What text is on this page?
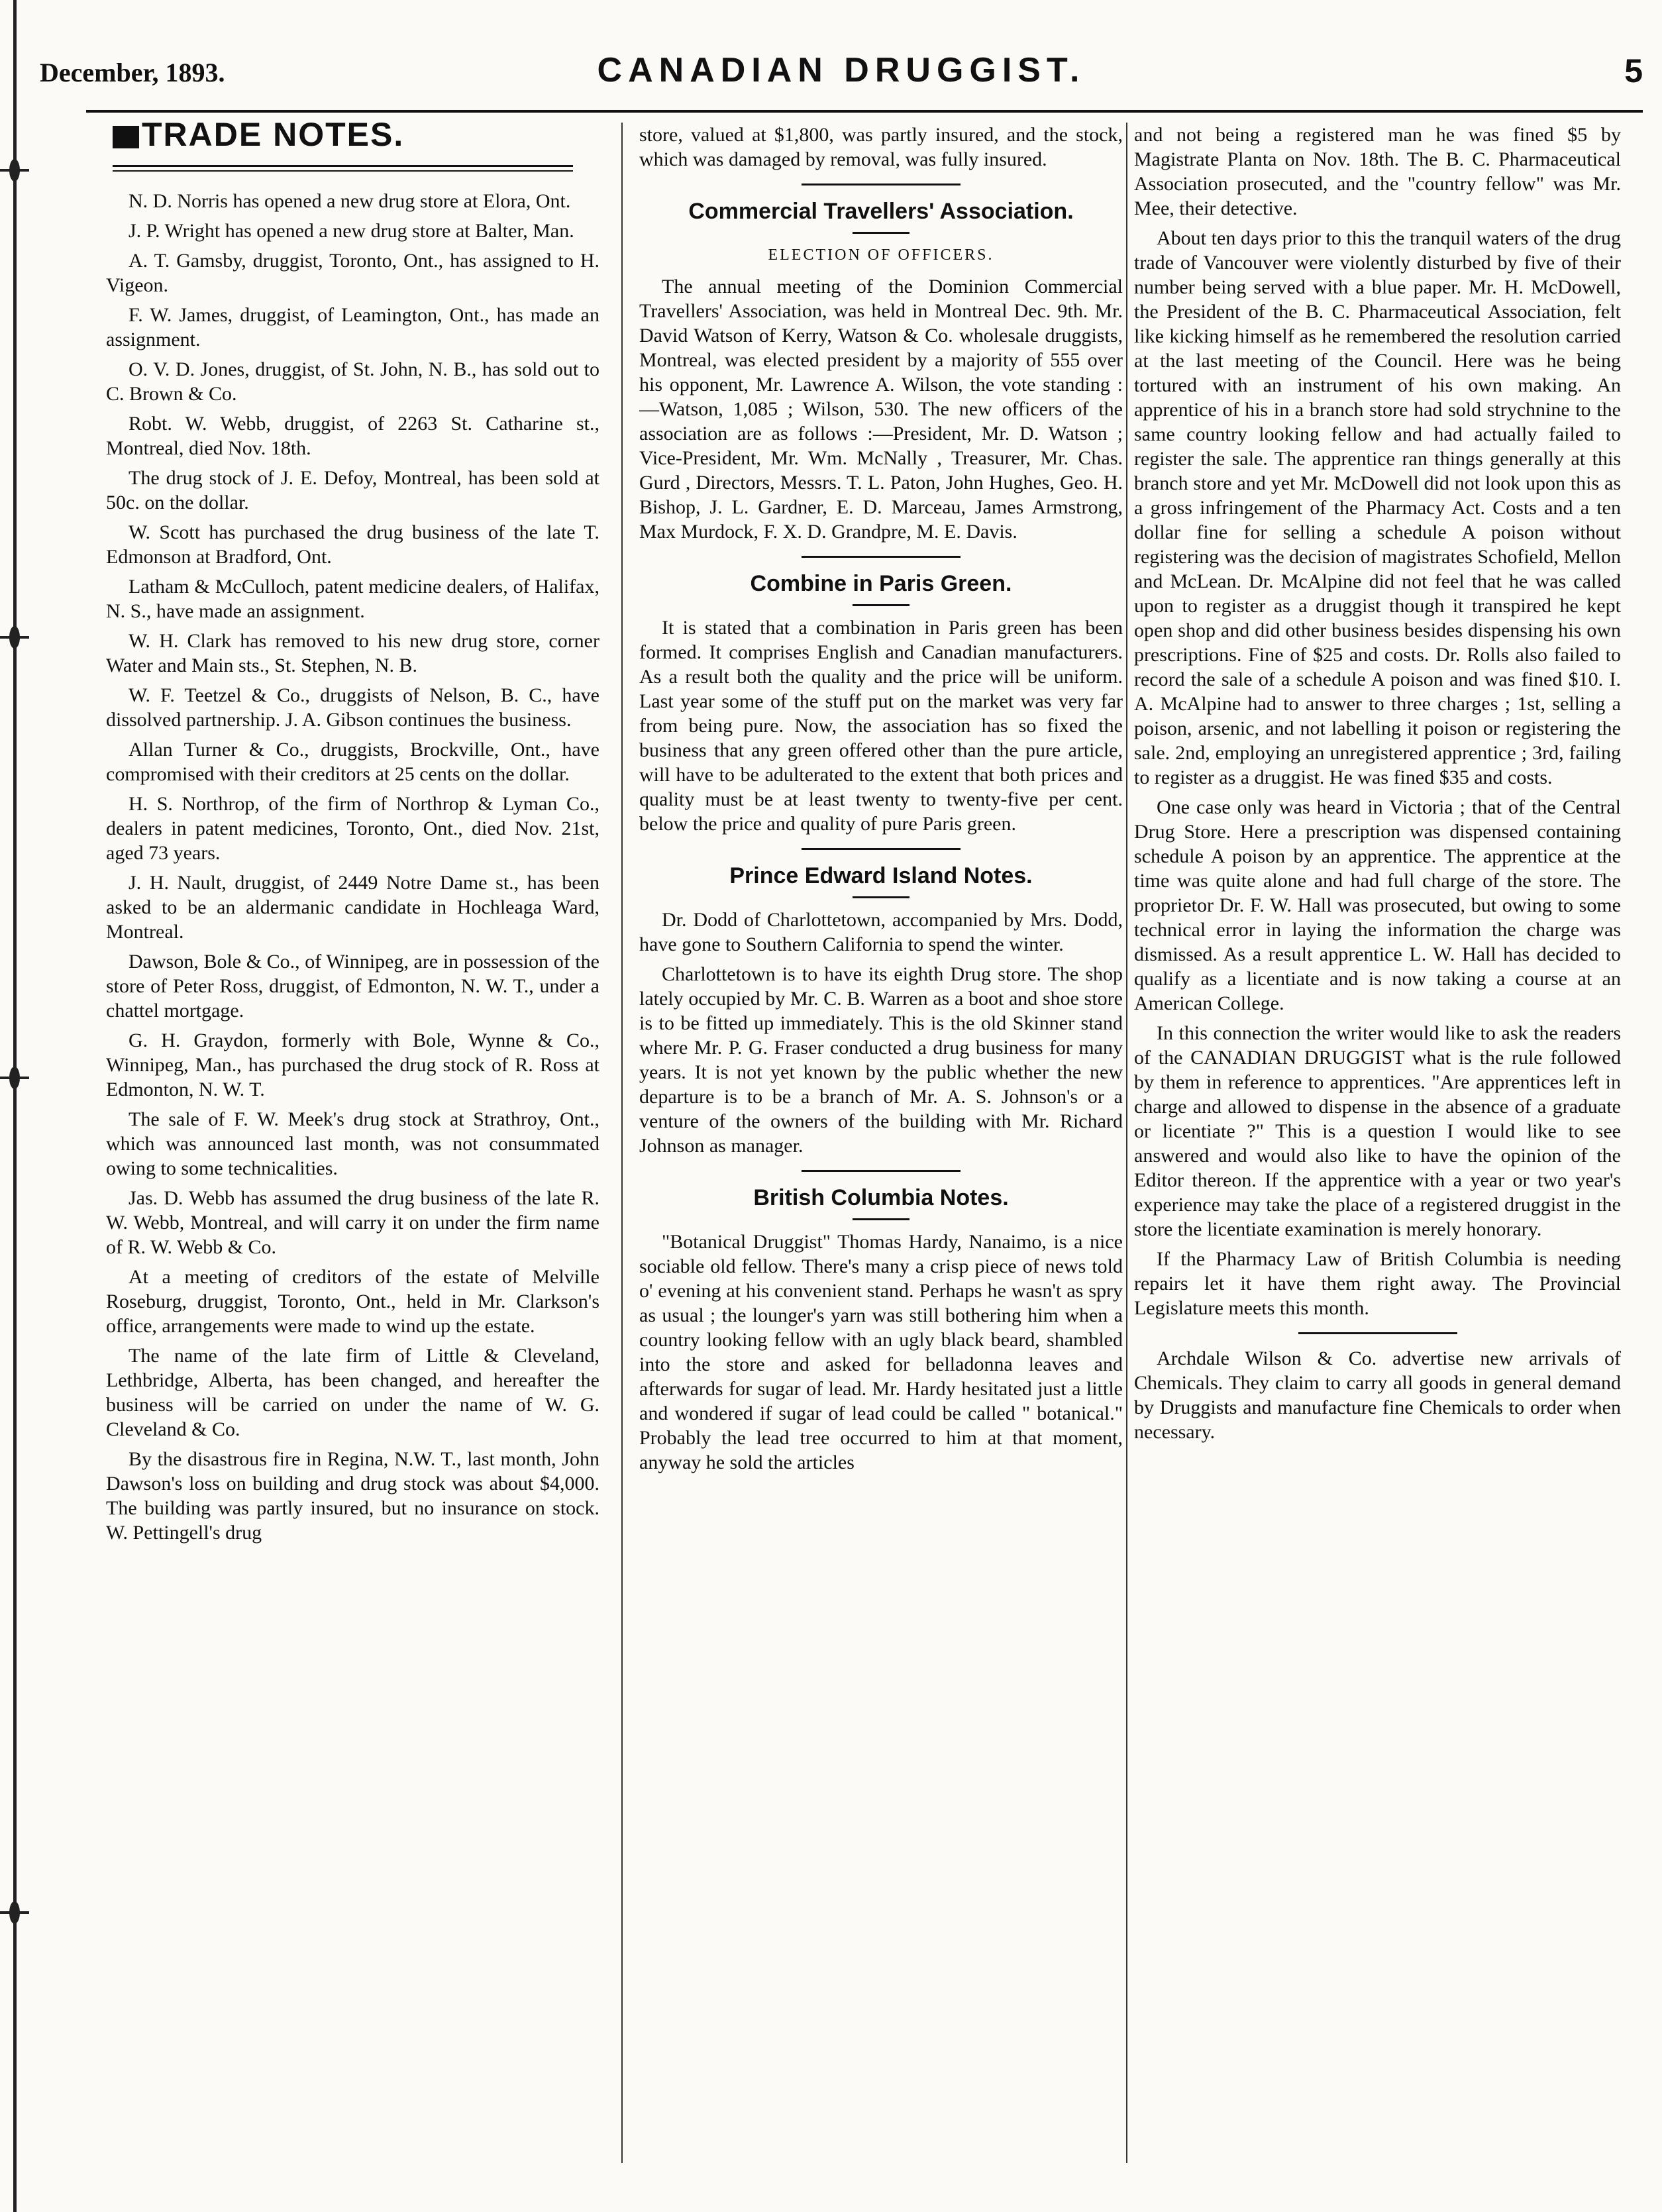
December, 1893.	CANADIAN DRUGGIST.	5
TRADE NOTES.

N. D. Norris has opened a new drug store at Elora, Ont.

J. P. Wright has opened a new drug store at Balter, Man.

A. T. Gamsby, druggist, Toronto, Ont., has assigned to H. Vigeon.

F. W. James, druggist, of Leamington, Ont., has made an assignment.

O. V. D. Jones, druggist, of St. John, N. B., has sold out to C. Brown & Co.

Robt. W. Webb, druggist, of 2263 St. Catharine st., Montreal, died Nov. 18th.

The drug stock of J. E. Defoy, Montreal, has been sold at 50c. on the dollar.

W. Scott has purchased the drug business of the late T. Edmonson at Bradford, Ont.

Latham & McCulloch, patent medicine dealers, of Halifax, N. S., have made an assignment.

W. H. Clark has removed to his new drug store, corner Water and Main sts., St. Stephen, N. B.

W. F. Teetzel & Co., druggists of Nelson, B. C., have dissolved partnership. J. A. Gibson continues the business.

Allan Turner & Co., druggists, Brockville, Ont., have compromised with their creditors at 25 cents on the dollar.

H. S. Northrop, of the firm of Northrop & Lyman Co., dealers in patent medicines, Toronto, Ont., died Nov. 21st, aged 73 years.

J. H. Nault, druggist, of 2449 Notre Dame st., has been asked to be an aldermanic candidate in Hochleaga Ward, Montreal.

Dawson, Bole & Co., of Winnipeg, are in possession of the store of Peter Ross, druggist, of Edmonton, N. W. T., under a chattel mortgage.

G. H. Graydon, formerly with Bole, Wynne & Co., Winnipeg, Man., has purchased the drug stock of R. Ross at Edmonton, N. W. T.

The sale of F. W. Meek's drug stock at Strathroy, Ont., which was announced last month, was not consummated owing to some technicalities.

Jas. D. Webb has assumed the drug business of the late R. W. Webb, Montreal, and will carry it on under the firm name of R. W. Webb & Co.

At a meeting of creditors of the estate of Melville Roseburg, druggist, Toronto, Ont., held in Mr. Clarkson's office, arrangements were made to wind up the estate.

The name of the late firm of Little & Cleveland, Lethbridge, Alberta, has been changed, and hereafter the business will be carried on under the name of W. G. Cleveland & Co.

By the disastrous fire in Regina, N.W. T., last month, John Dawson's loss on building and drug stock was about $4,000. The building was partly insured, but no insurance on stock. W. Pettingell's drug

store, valued at $1,800, was partly insured, and the stock, which was damaged by removal, was fully insured.

Commercial Travellers' Association.
ELECTION OF OFFICERS.

The annual meeting of the Dominion Commercial Travellers' Association, was held in Montreal Dec. 9th. Mr. David Watson of Kerry, Watson & Co. wholesale druggists, Montreal, was elected president by a majority of 555 over his opponent, Mr. Lawrence A. Wilson, the vote standing :—Watson, 1,085 ; Wilson, 530. The new officers of the association are as follows :—President, Mr. D. Watson ; Vice-President, Mr. Wm. McNally , Treasurer, Mr. Chas. Gurd , Directors, Messrs. T. L. Paton, John Hughes, Geo. H. Bishop, J. L. Gardner, E. D. Marceau, James Armstrong, Max Murdock, F. X. D. Grandpre, M. E. Davis.

Combine in Paris Green.

It is stated that a combination in Paris green has been formed. It comprises English and Canadian manufacturers. As a result both the quality and the price will be uniform. Last year some of the stuff put on the market was very far from being pure. Now, the association has so fixed the business that any green offered other than the pure article, will have to be adulterated to the extent that both prices and quality must be at least twenty to twenty-five per cent. below the price and quality of pure Paris green.

Prince Edward Island Notes.

Dr. Dodd of Charlottetown, accompanied by Mrs. Dodd, have gone to Southern California to spend the winter.

Charlottetown is to have its eighth Drug store. The shop lately occupied by Mr. C. B. Warren as a boot and shoe store is to be fitted up immediately. This is the old Skinner stand where Mr. P. G. Fraser conducted a drug business for many years. It is not yet known by the public whether the new departure is to be a branch of Mr. A. S. Johnson's or a venture of the owners of the building with Mr. Richard Johnson as manager.

British Columbia Notes.

"Botanical Druggist" Thomas Hardy, Nanaimo, is a nice sociable old fellow. There's many a crisp piece of news told o' evening at his convenient stand. Perhaps he wasn't as spry as usual ; the lounger's yarn was still bothering him when a country looking fellow with an ugly black beard, shambled into the store and asked for belladonna leaves and afterwards for sugar of lead. Mr. Hardy hesitated just a little and wondered if sugar of lead could be called " botanical." Probably the lead tree occurred to him at that moment, anyway he sold the articles

and not being a registered man he was fined $5 by Magistrate Planta on Nov. 18th. The B. C. Pharmaceutical Association prosecuted, and the "country fellow" was Mr. Mee, their detective.

About ten days prior to this the tranquil waters of the drug trade of Vancouver were violently disturbed by five of their number being served with a blue paper. Mr. H. McDowell, the President of the B. C. Pharmaceutical Association, felt like kicking himself as he remembered the resolution carried at the last meeting of the Council. Here was he being tortured with an instrument of his own making. An apprentice of his in a branch store had sold strychnine to the same country looking fellow and had actually failed to register the sale. The apprentice ran things generally at this branch store and yet Mr. McDowell did not look upon this as a gross infringement of the Pharmacy Act. Costs and a ten dollar fine for selling a schedule A poison without registering was the decision of magistrates Schofield, Mellon and McLean. Dr. McAlpine did not feel that he was called upon to register as a druggist though it transpired he kept open shop and did other business besides dispensing his own prescriptions. Fine of $25 and costs. Dr. Rolls also failed to record the sale of a schedule A poison and was fined $10. I. A. McAlpine had to answer to three charges ; 1st, selling a poison, arsenic, and not labelling it poison or registering the sale. 2nd, employing an unregistered apprentice ; 3rd, failing to register as a druggist. He was fined $35 and costs.

One case only was heard in Victoria ; that of the Central Drug Store. Here a prescription was dispensed containing schedule A poison by an apprentice. The apprentice at the time was quite alone and had full charge of the store. The proprietor Dr. F. W. Hall was prosecuted, but owing to some technical error in laying the information the charge was dismissed. As a result apprentice L. W. Hall has decided to qualify as a licentiate and is now taking a course at an American College.

In this connection the writer would like to ask the readers of the CANADIAN DRUGGIST what is the rule followed by them in reference to apprentices. "Are apprentices left in charge and allowed to dispense in the absence of a graduate or licentiate ?" This is a question I would like to see answered and would also like to have the opinion of the Editor thereon. If the apprentice with a year or two year's experience may take the place of a registered druggist in the store the licentiate examination is merely honorary.

If the Pharmacy Law of British Columbia is needing repairs let it have them right away. The Provincial Legislature meets this month.

Archdale Wilson & Co. advertise new arrivals of Chemicals. They claim to carry all goods in general demand by Druggists and manufacture fine Chemicals to order when necessary.
